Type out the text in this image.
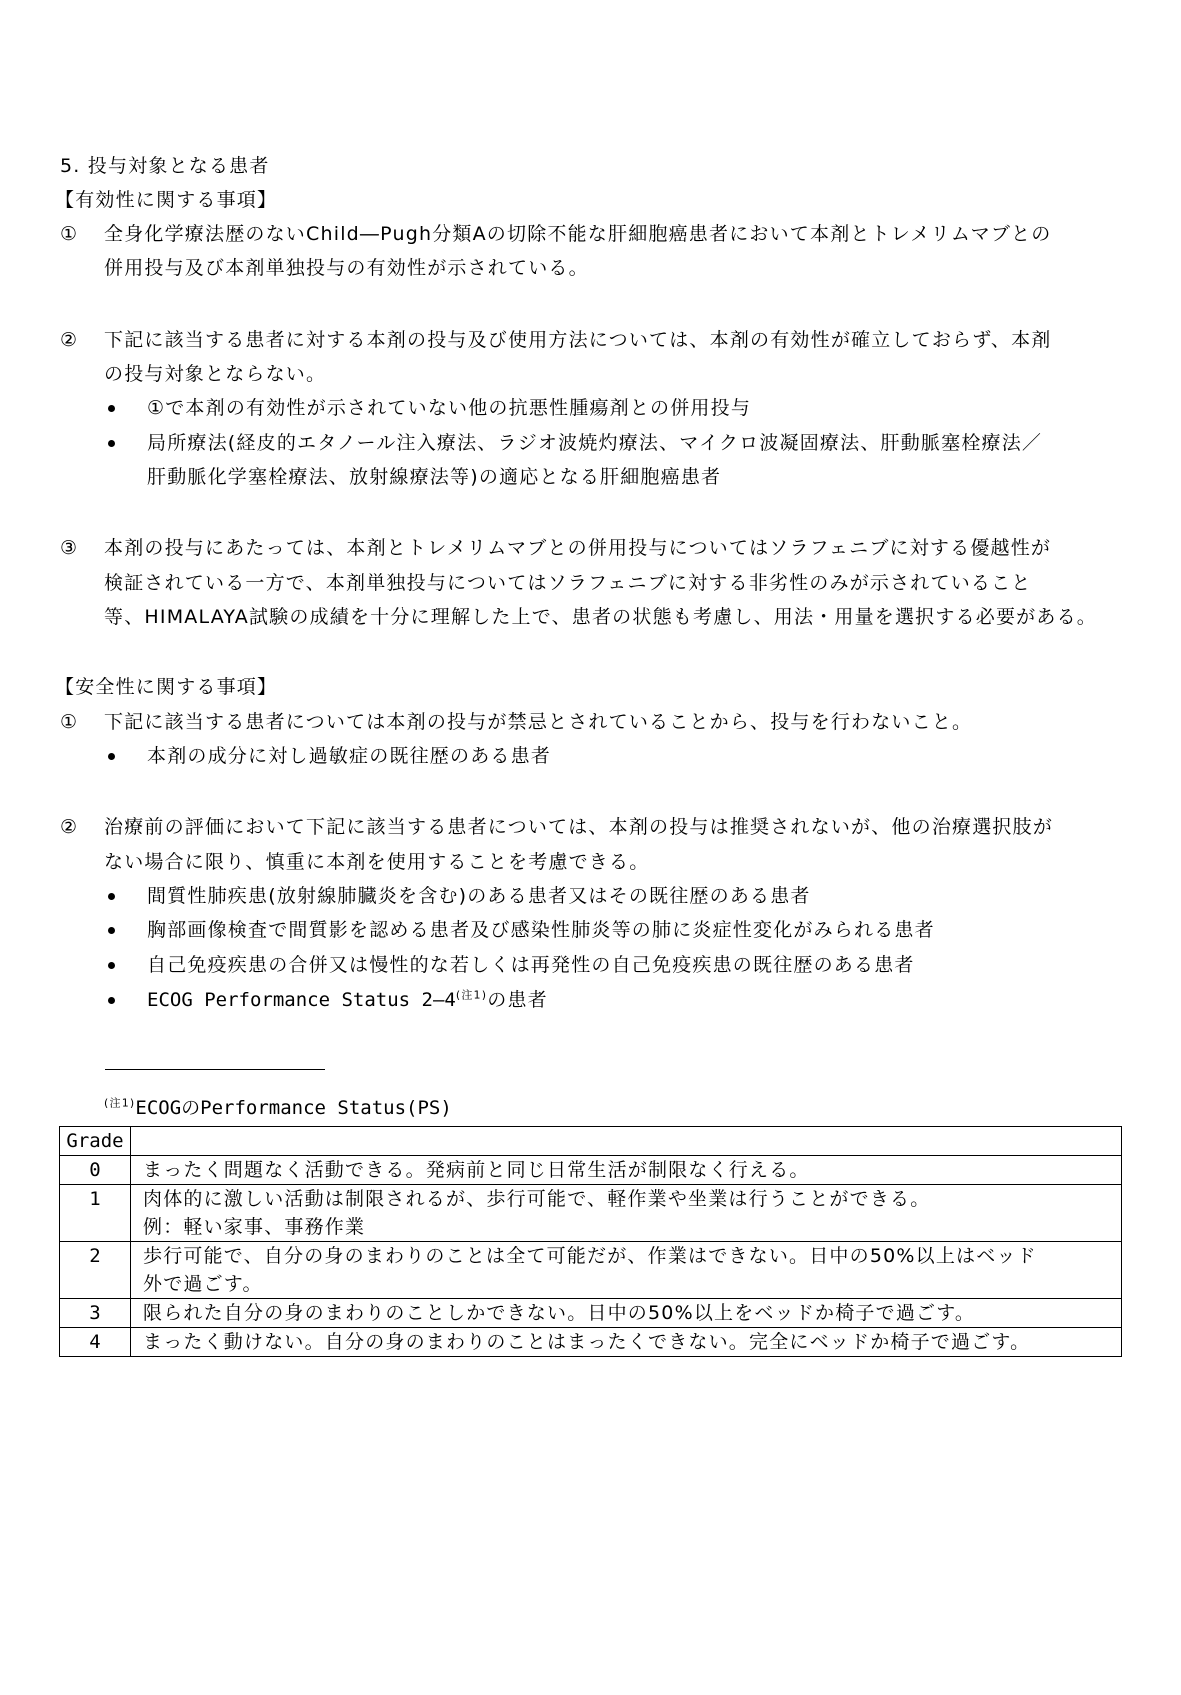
5. 投与対象となる患者
【有効性に関する事項】
① 全身化学療法歴のないChild―Pugh分類Aの切除不能な肝細胞癌患者において本剤とトレメリムマブとの
併用投与及び本剤単独投与の有効性が示されている。
② 下記に該当する患者に対する本剤の投与及び使用方法については、本剤の有効性が確立しておらず、本剤
の投与対象とならない。
①で本剤の有効性が示されていない他の抗悪性腫瘍剤との併用投与
局所療法(経皮的エタノール注入療法、ラジオ波焼灼療法、マイクロ波凝固療法、肝動脈塞栓療法／
肝動脈化学塞栓療法、放射線療法等)の適応となる肝細胞癌患者
③ 本剤の投与にあたっては、本剤とトレメリムマブとの併用投与についてはソラフェニブに対する優越性が
検証されている一方で、本剤単独投与についてはソラフェニブに対する非劣性のみが示されていること
等、HIMALAYA試験の成績を十分に理解した上で、患者の状態も考慮し、用法・用量を選択する必要がある。
【安全性に関する事項】
① 下記に該当する患者については本剤の投与が禁忌とされていることから、投与を行わないこと。
本剤の成分に対し過敏症の既往歴のある患者
② 治療前の評価において下記に該当する患者については、本剤の投与は推奨されないが、他の治療選択肢が
ない場合に限り、慎重に本剤を使用することを考慮できる。
間質性肺疾患(放射線肺臓炎を含む)のある患者又はその既往歴のある患者
胸部画像検査で間質影を認める患者及び感染性肺炎等の肺に炎症性変化がみられる患者
自己免疫疾患の合併又は慢性的な若しくは再発性の自己免疫疾患の既往歴のある患者
ECOG Performance Status $2―4^{(注1)}$の患者
$^{(注1)}$ECOGのPerformance Status(PS)
Grade	
0	まったく問題なく活動できる。発病前と同じ日常生活が制限なく行える。

1	肉体的に激しい活動は制限されるが、歩行可能で、軽作業や坐業は行うことができる。
例：軽い家事、事務作業

2	歩行可能で、自分の身のまわりのことは全て可能だが、作業はできない。日中の50%以上はベッド
外で過ごす。

3	限られた自分の身のまわりのことしかできない。日中の50%以上をベッドか椅子で過ごす。

4	まったく動けない。自分の身のまわりのことはまったくできない。完全にベッドか椅子で過ごす。
